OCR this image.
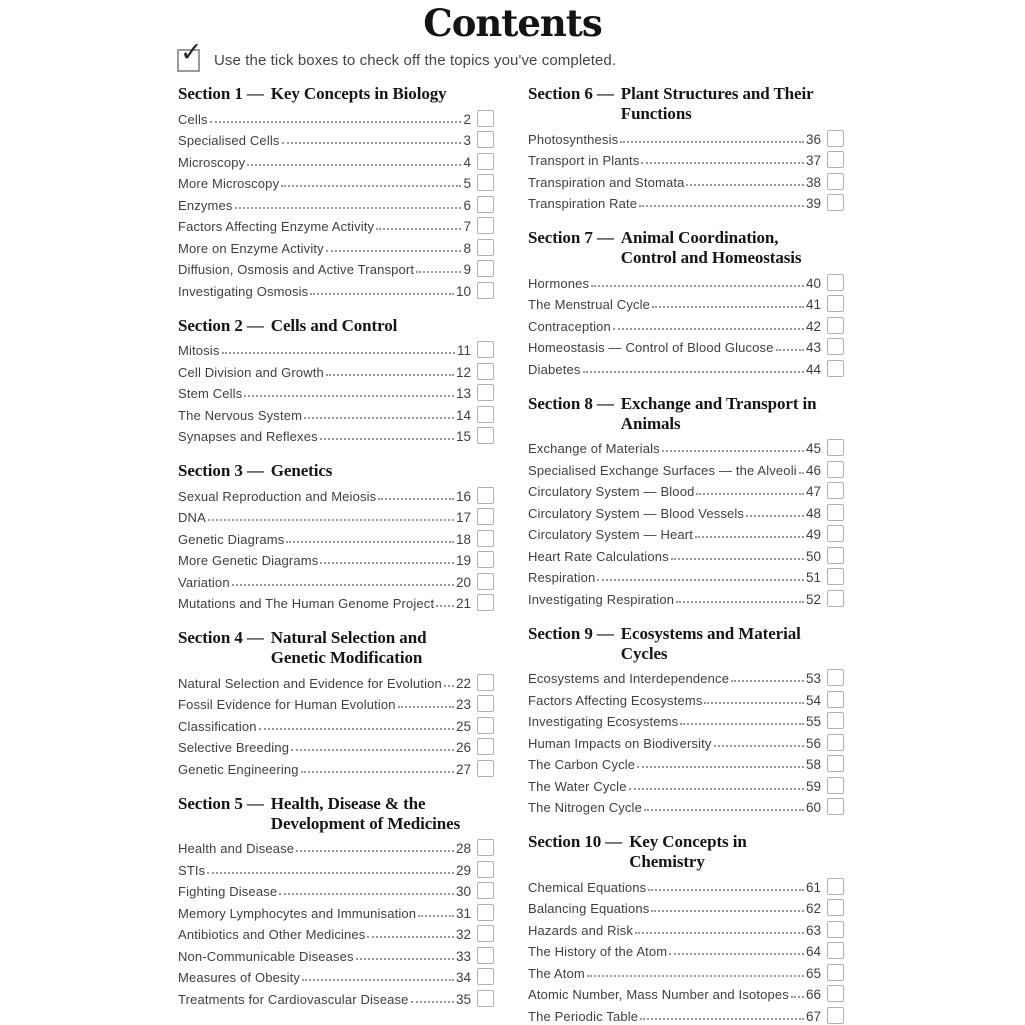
Contents
✓ Use the tick boxes to check off the topics you've completed.
Section 1 — Key Concepts in Biology
Cells	2
Specialised Cells	3
Microscopy	4
More Microscopy	5
Enzymes	6
Factors Affecting Enzyme Activity	7
More on Enzyme Activity	8
Diffusion, Osmosis and Active Transport	9
Investigating Osmosis	10
Section 2 — Cells and Control
Mitosis	11
Cell Division and Growth	12
Stem Cells	13
The Nervous System	14
Synapses and Reflexes	15
Section 3 — Genetics
Sexual Reproduction and Meiosis	16
DNA	17
Genetic Diagrams	18
More Genetic Diagrams	19
Variation	20
Mutations and The Human Genome Project 21
Section 4 — Natural Selection and
Genetic Modification
Natural Selection and Evidence for Evolution 22
Fossil Evidence for Human Evolution	23
Classification	25
Selective Breeding	26
Genetic Engineering	27
Section 5 — Health, Disease & the
Development of Medicines
Health and Disease	28
STIs	29
Fighting Disease	30
Memory Lymphocytes and Immunisation	31
Antibiotics and Other Medicines	32
Non-Communicable Diseases	33
Measures of Obesity	34
Treatments for Cardiovascular Disease	35
Section 6 — Plant Structures and Their
Functions
Photosynthesis	36
Transport in Plants	37
Transpiration and Stomata	38
Transpiration Rate	39
Section 7 — Animal Coordination,
Control and Homeostasis
Hormones	40
The Menstrual Cycle	41
Contraception	42
Homeostasis — Control of Blood Glucose 43
Diabetes	44
Section 8 — Exchange and Transport in
Animals
Exchange of Materials	45
Specialised Exchange Surfaces — the Alveoli 46
Circulatory System — Blood	47
Circulatory System — Blood Vessels	48
Circulatory System — Heart	49
Heart Rate Calculations	50
Respiration	51
Investigating Respiration	52
Section 9 — Ecosystems and Material
Cycles
Ecosystems and Interdependence	53
Factors Affecting Ecosystems	54
Investigating Ecosystems	55
Human Impacts on Biodiversity	56
The Carbon Cycle	58
The Water Cycle	59
The Nitrogen Cycle	60
Section 10 — Key Concepts in
Chemistry
Chemical Equations	61
Balancing Equations	62
Hazards and Risk	63
The History of the Atom	64
The Atom	65
Atomic Number, Mass Number and Isotopes 66
The Periodic Table	67
